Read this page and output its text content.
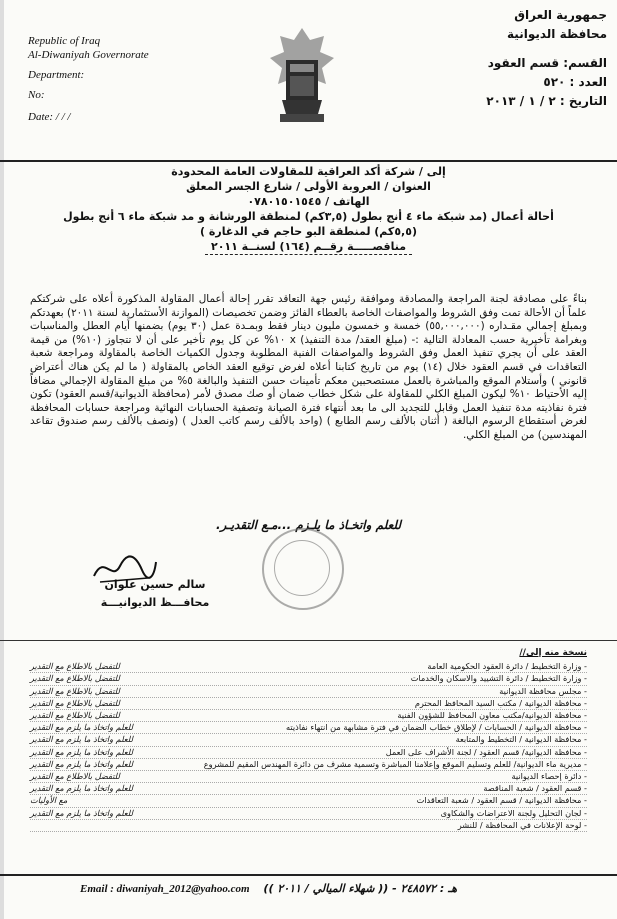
Republic of Iraq
Al-Diwaniyah Governorate
Department:
No:
Date: / / /
جمهورية العراق
محافظة الديوانية
القسم: قسم العقود
العدد : ٥٢٠
التاريخ : ٢ / ١ / ٢٠١٣
إلى / شركة أكد العراقية للمقاولات العامة المحدودة
العنوان / العروبة الأولى / شارع الجسر المعلق
الهاتف / ٠٧٨٠١٥٠١٥٤٥
أحالة أعمال (مد شبكة ماء ٤ أنج بطول (٣,٥كم) لمنطقة الورشانة و مد شبكة ماء ٦ أنج بطول
(٥,٥كم) لمنطقة البو حاجم في الدغارة )
مناقصـــــة رقــم (١٦٤) لسنــة ٢٠١١
بناءً على مصادقة لجنة المراجعة والمصادقة وموافقة رئيس جهة التعاقد تقرر إحالة أعمال المقاولة المذكورة أعلاه على شركتكم علماً أن الأحالة تمت وفق الشروط والمواصفات الخاصة بالعطاء الفائز وضمن تخصيصات (الموازنة الأستثمارية لسنة ٢٠١١) بعهدتكم وبمبلغ إجمالي مقـداره (٥٥,٠٠٠,٠٠٠) خمسة و خمسون مليون دينار فقط وبمـدة عمل (٣٠ يوم) بضمنها أيام العطل والمناسبات وبغرامة تأخيرية حسب المعادلة التالية :- (مبلغ العقد/ مدة التنفيذ) x ١٠% عن كل يوم تأخير على أن لا تتجاوز (١٠%) من قيمة العقد على أن يجري تنفيذ العمل وفق الشروط والمواصفات الفنية المطلوبة وجدول الكميات الخاصة بالمقاولة ومراجعة شعبة التعاقدات في قسم العقود خلال (١٤) يوم من تاريخ كتابنا أعلاه لغرض توقيع العقد الخاص بالمقاولة ( ما لم يكن هناك أعتراض قانوني ) وأستلام الموقع والمباشرة بالعمل مستصحبين معكم تأمينات حسن التنفيذ والبالغة ٥% من مبلغ المقاولة الإجمالي مضافاً إليه الأحتياط ١٠% ليكون المبلغ الكلي للمقاولة على شكل خطاب ضمان أو صك مصدق لأمر (محافظة الديوانية/قسم العقود) تكون فترة نفاذيته مدة تنفيذ العمل وقابل للتجديد الى ما بعد أنتهاء فترة الصيانة وتصفية الحسابات النهائية ومراجعة حسابات المحافظة لغرض أستقطاع الرسوم البالغة ( أثنان بالألف رسم الطابع ) (واحد بالألف رسم كاتب العدل ) (ونصف بالألف رسم صندوق تقاعد المهندسين) من المبلغ الكلي.
للعلم واتخـاذ ما يلـزم ...مـع التقديـر.
سالم حسين علوان
محافـــظ الديوانيـــة
نسخة منه إلى//
- وزارة التخطيط / دائرة العقود الحكومية العامة
للتفضل بالاطلاع مع التقدير
- وزارة التخطيط / دائرة التشييد والاسكان والخدمات
للتفضل بالاطلاع مع التقدير
- مجلس محافظة الديوانية
للتفضل بالاطلاع مع التقدير
- محافظة الديوانية / مكتب السيد المحافظ المحترم
للتفضل بالاطلاع مع التقدير
- محافظة الديوانية/مكتب معاون المحافظ للشؤون الفنية
للتفضل بالاطلاع مع التقدير
- محافظة الديوانية / الحسابات / لإطلاق خطاب الضمان في فترة مشابهة من انتهاء نفاذيته
للعلم واتخاذ ما يلزم مع التقدير
- محافظة الديوانية / التخطيط والمتابعة
للعلم واتخاذ ما يلزم مع التقدير
- محافظة الديوانية/ قسم العقود / لجنة الأشراف على العمل
للعلم واتخاذ ما يلزم مع التقدير
- مديرية ماء الديوانية/ للعلم وتسليم الموقع وإعلامنا المباشرة وتسمية مشرف من دائرة المهندس المقيم للمشروع
للعلم واتخاذ ما يلزم مع التقدير
- دائرة إحصاء الديوانية
للتفضل بالاطلاع مع التقدير
- قسم العقود / شعبة المناقصة
للعلم واتخاذ ما يلزم مع التقدير
- محافظة الديوانية / قسم العقود / شعبة التعاقدات
مع الأوليات
- لجان التحليل ولجنة الاعتراضات والشكاوى
للعلم واتخاذ ما يلزم مع التقدير
- لوحة الإعلانات في المحافظة / للنشر
Email : diwaniyah_2012@yahoo.com هـ : ٢٤٨٥٧٢ - (( شهلاء الميالي / ٢٠١١ ))
